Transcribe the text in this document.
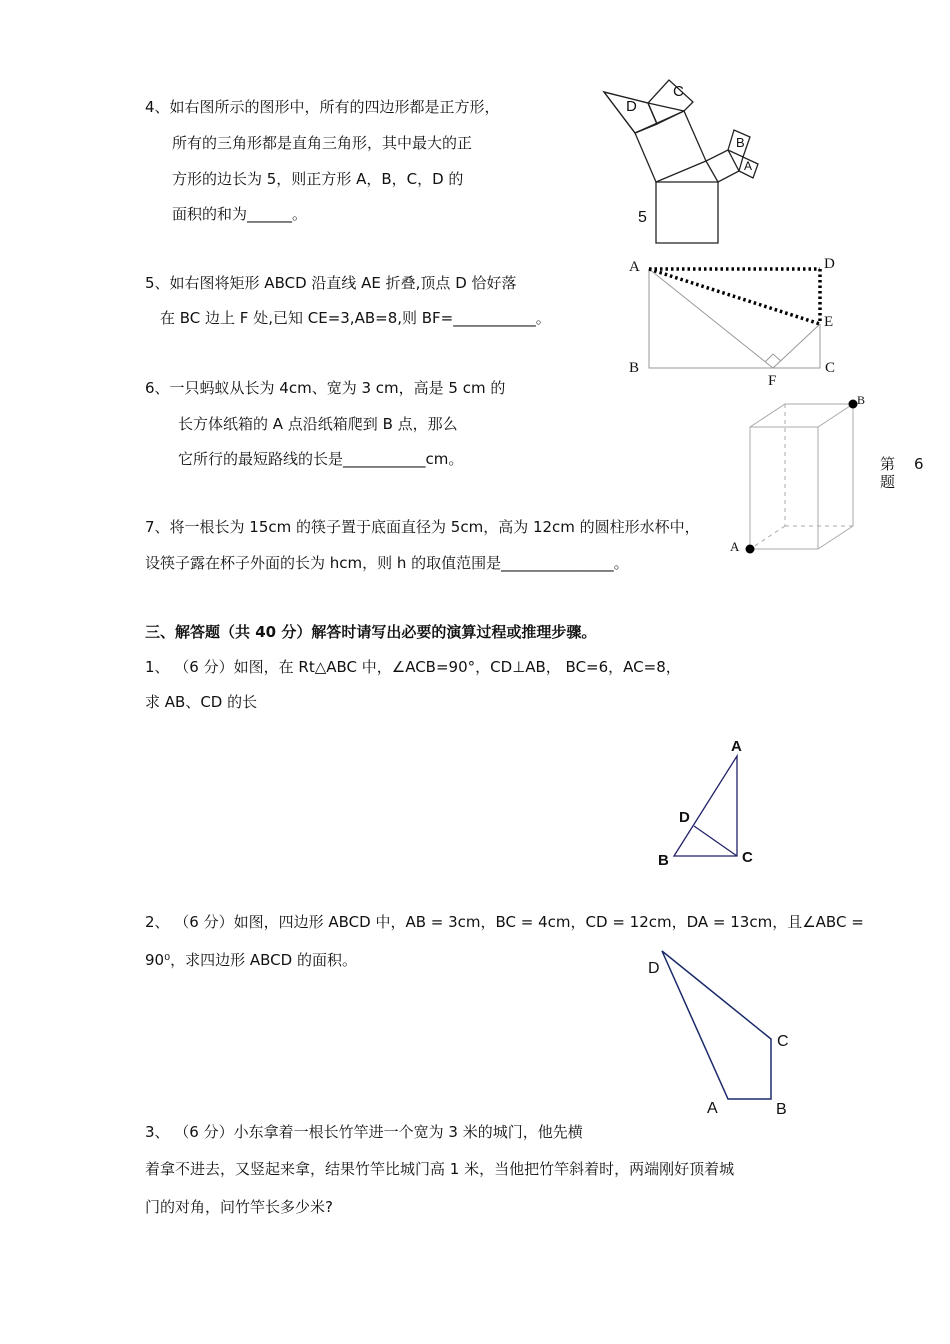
4、如右图所示的图形中，所有的四边形都是正方形，
所有的三角形都是直角三角形，其中最大的正
方形的边长为 5，则正方形 A，B，C，D 的
面积的和为______。
D
C
B
A
5
5、如右图将矩形 ABCD 沿直线 AE 折叠,顶点 D 恰好落
在 BC 边上 F 处,已知 CE=3,AB=8,则 BF=___________。
A	D
E
B
F
C
6、一只蚂蚁从长为 4cm、宽为 3 cm，高是 5 cm 的
长方体纸箱的 A 点沿纸箱爬到 B 点，那么
它所行的最短路线的长是___________cm。
B
A
第 6
题
7、将一根长为 15cm 的筷子置于底面直径为 5cm，高为 12cm 的圆柱形水杯中，
设筷子露在杯子外面的长为 hcm，则 h 的取值范围是_______________。
三、解答题（共 40 分）解答时请写出必要的演算过程或推理步骤。
1、 （6 分）如图，在 Rt△ABC 中，∠ACB=90°，CD⊥AB， BC=6，AC=8，
求 AB、CD 的长
A
D
B	C
2、 （6 分）如图，四边形 ABCD 中，AB = 3cm，BC = 4cm，CD = 12cm，DA = 13cm，且∠ABC =
90⁰，求四边形 ABCD 的面积。	D
C
A	B
3、 （6 分）小东拿着一根长竹竿进一个宽为 3 米的城门，他先横
着拿不进去，又竖起来拿，结果竹竿比城门高 1 米，当他把竹竿斜着时，两端刚好顶着城
门的对角，问竹竿长多少米?
